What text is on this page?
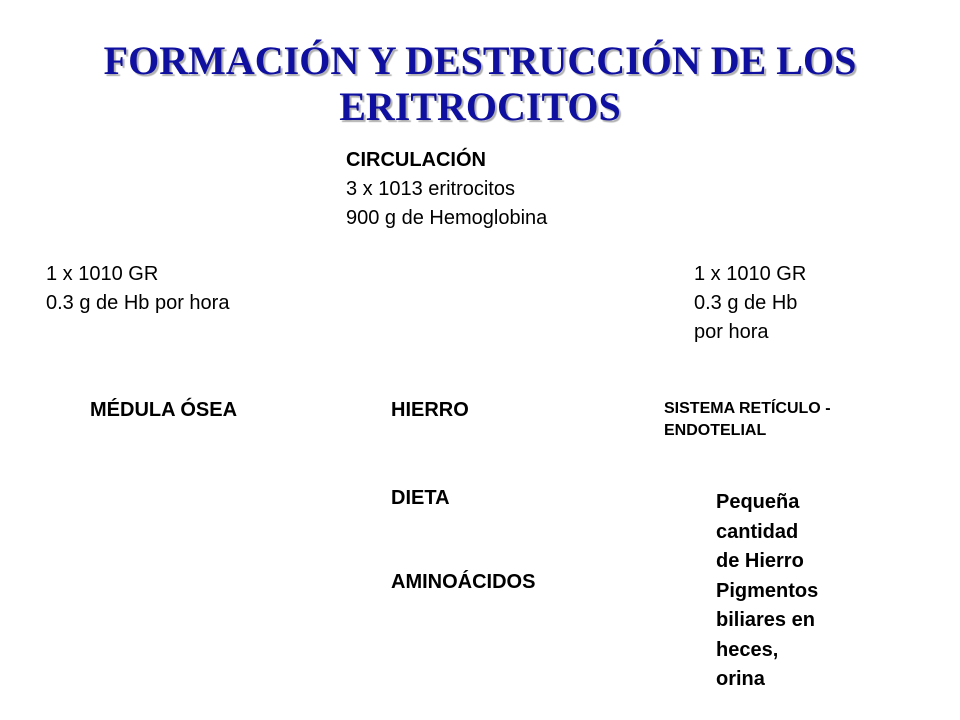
FORMACIÓN Y DESTRUCCIÓN DE LOS
ERITROCITOS
CIRCULACIÓN
3 x 1013 eritrocitos
900 g de Hemoglobina
1 x 1010 GR
0.3 g de Hb por hora
1 x 1010 GR
0.3 g de Hb
por hora
MÉDULA ÓSEA	HIERRO	SISTEMA RETÍCULO -
ENDOTELIAL
DIETA
AMINOÁCIDOS
Pequeña
cantidad
de Hierro
Pigmentos
biliares en
heces,
orina
